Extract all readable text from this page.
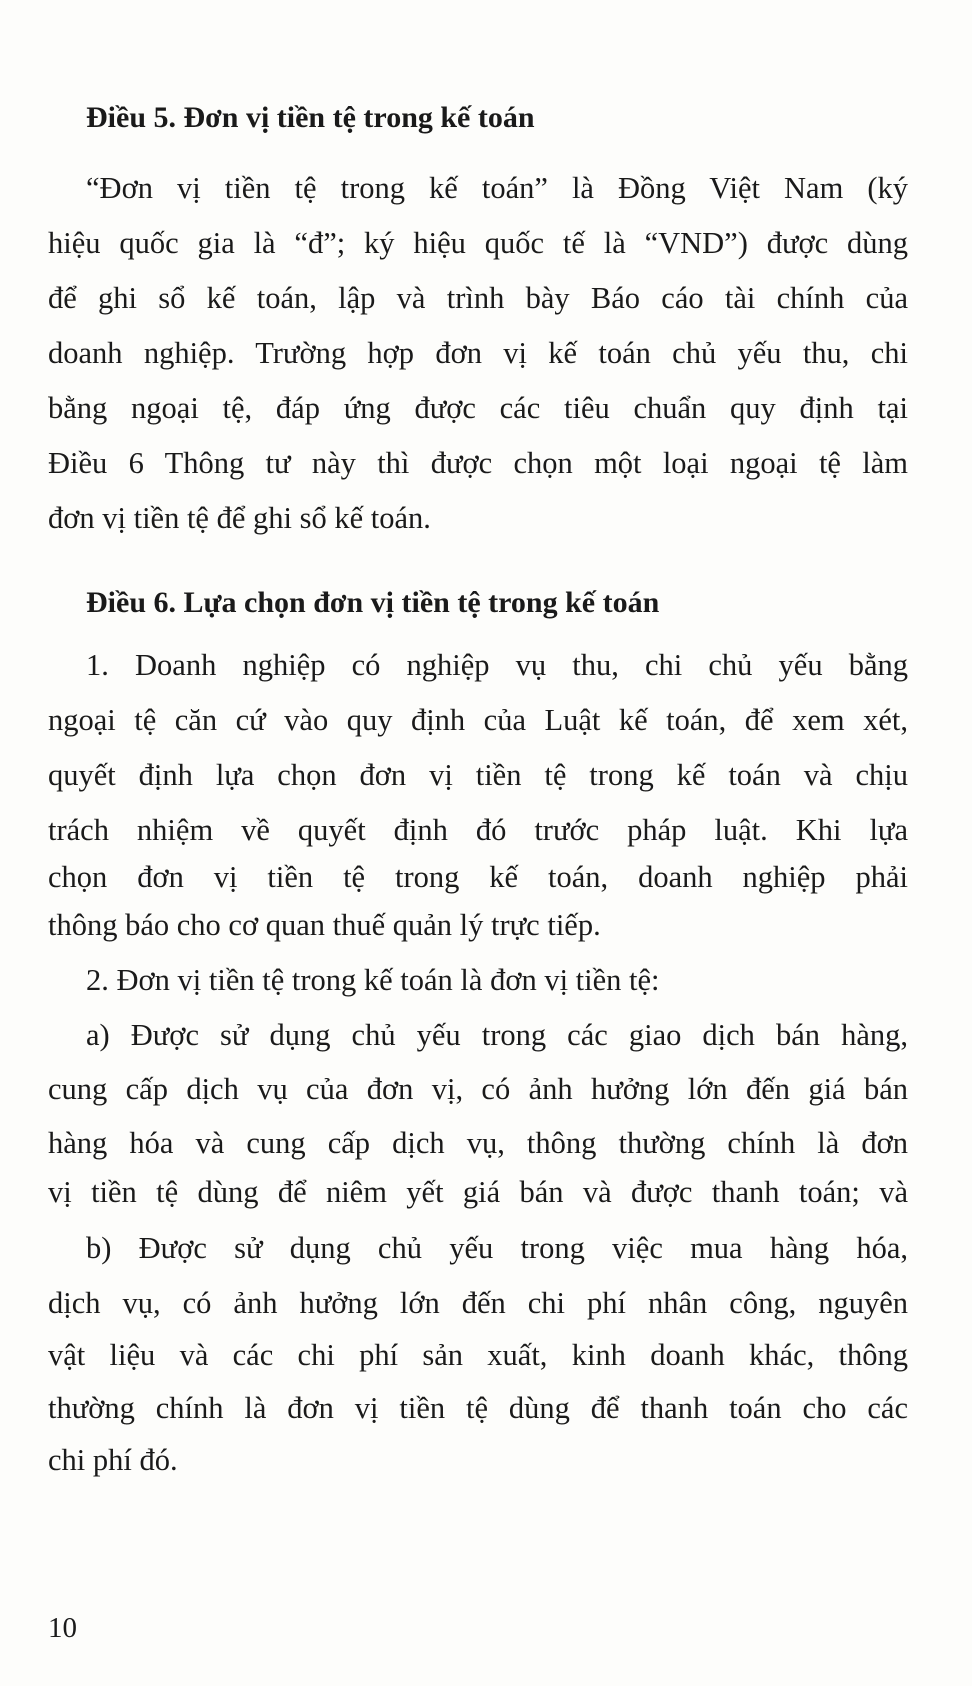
Điều 5. Đơn vị tiền tệ trong kế toán
“Đơn vị tiền tệ trong kế toán” là Đồng Việt Nam (ký
hiệu quốc gia là “đ”; ký hiệu quốc tế là “VND”) được dùng
để ghi sổ kế toán, lập và trình bày Báo cáo tài chính của
doanh nghiệp. Trường hợp đơn vị kế toán chủ yếu thu, chi
bằng ngoại tệ, đáp ứng được các tiêu chuẩn quy định tại
Điều 6 Thông tư này thì được chọn một loại ngoại tệ làm
đơn vị tiền tệ để ghi sổ kế toán.
Điều 6. Lựa chọn đơn vị tiền tệ trong kế toán
1. Doanh nghiệp có nghiệp vụ thu, chi chủ yếu bằng
ngoại tệ căn cứ vào quy định của Luật kế toán, để xem xét,
quyết định lựa chọn đơn vị tiền tệ trong kế toán và chịu
trách nhiệm về quyết định đó trước pháp luật. Khi lựa
chọn đơn vị tiền tệ trong kế toán, doanh nghiệp phải
thông báo cho cơ quan thuế quản lý trực tiếp.
2. Đơn vị tiền tệ trong kế toán là đơn vị tiền tệ:
a) Được sử dụng chủ yếu trong các giao dịch bán hàng,
cung cấp dịch vụ của đơn vị, có ảnh hưởng lớn đến giá bán
hàng hóa và cung cấp dịch vụ, thông thường chính là đơn
vị tiền tệ dùng để niêm yết giá bán và được thanh toán; và
b) Được sử dụng chủ yếu trong việc mua hàng hóa,
dịch vụ, có ảnh hưởng lớn đến chi phí nhân công, nguyên
vật liệu và các chi phí sản xuất, kinh doanh khác, thông
thường chính là đơn vị tiền tệ dùng để thanh toán cho các
chi phí đó.
10
